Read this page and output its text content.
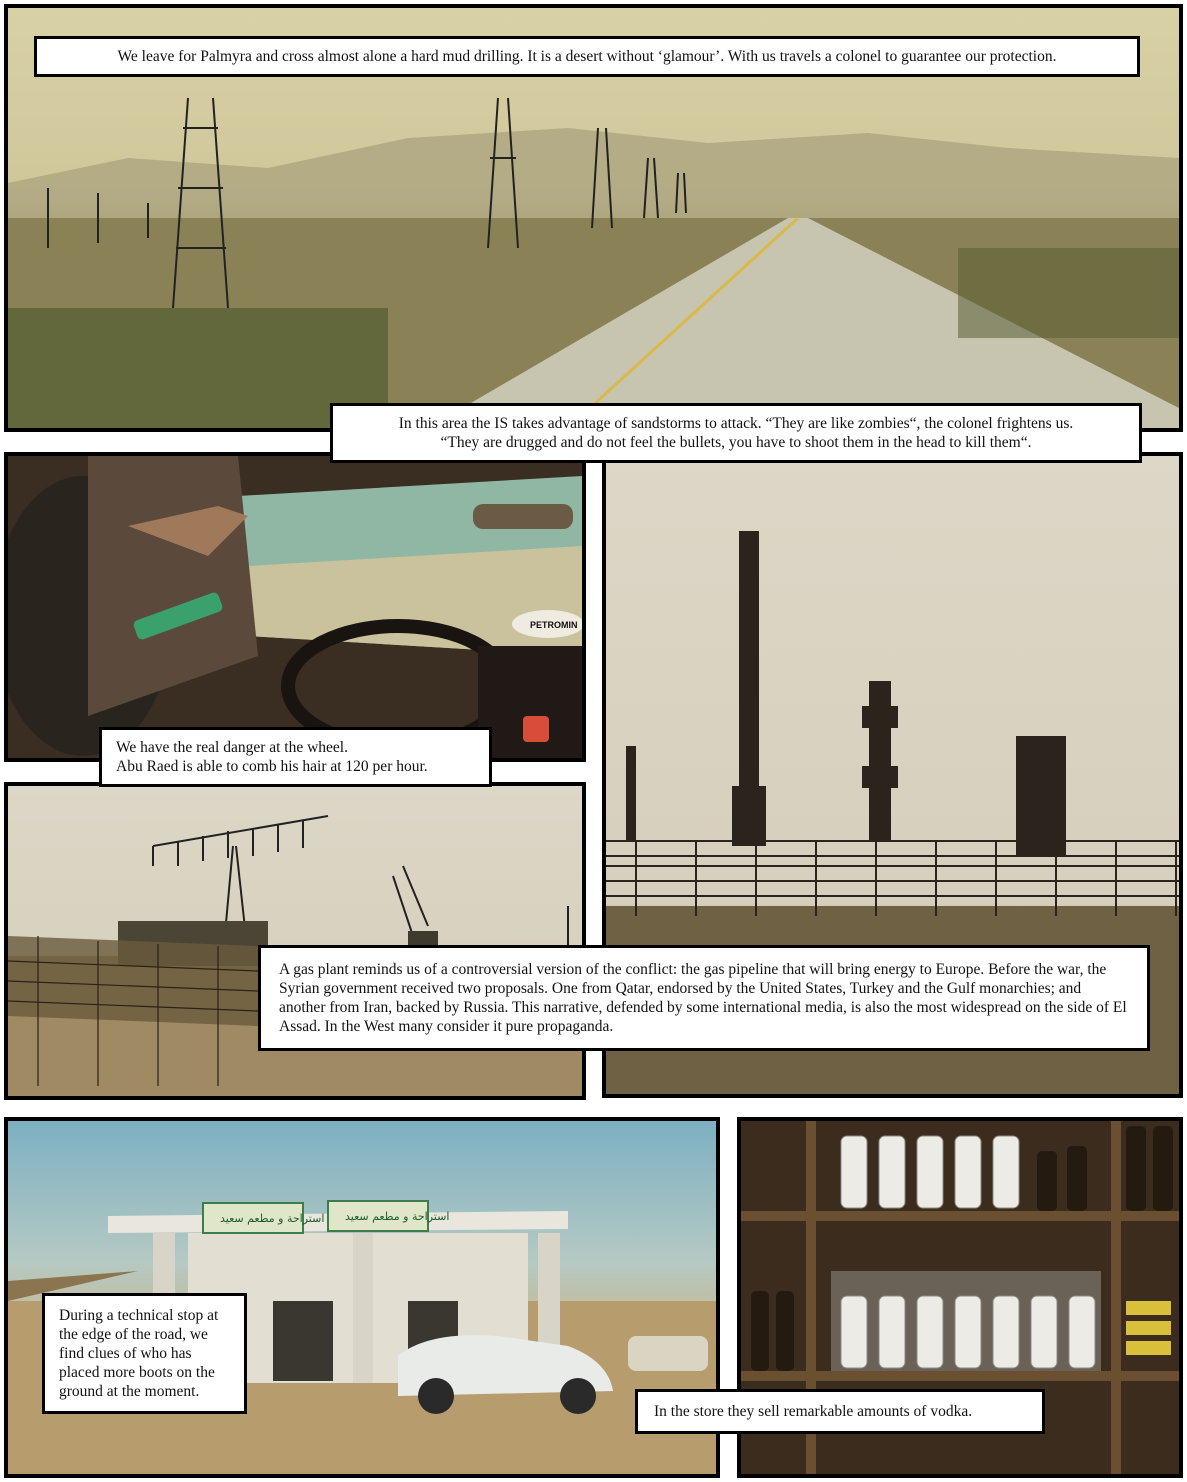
We leave for Palmyra and cross almost alone a hard mud drilling. It is a desert without ‘glamour’. With us travels a colonel to guarantee our protection.
In this area the IS takes advantage of sandstorms to attack. “They are like zombies“, the colonel frightens us.
“They are drugged and do not feel the bullets, you have to shoot them in the head to kill them“.
PETROMIN
We have the real danger at the wheel.
Abu Raed is able to comb his hair at 120 per hour.
A gas plant reminds us of a controversial version of the conflict: the gas pipeline that will bring energy to Europe. Before the war, the Syrian government received two proposals. One from Qatar, endorsed by the United States, Turkey and the Gulf monarchies; and another from Iran, backed by Russia. This narrative, defended by some international media, is also the most widespread on the side of El Assad. In the West many consider it pure propaganda.
استراحة و مطعم سعيد استراحة و مطعم سعيد
During a technical stop at the edge of the road, we find clues of who has placed more boots on the ground at the moment.
In the store they sell remarkable amounts of vodka.
